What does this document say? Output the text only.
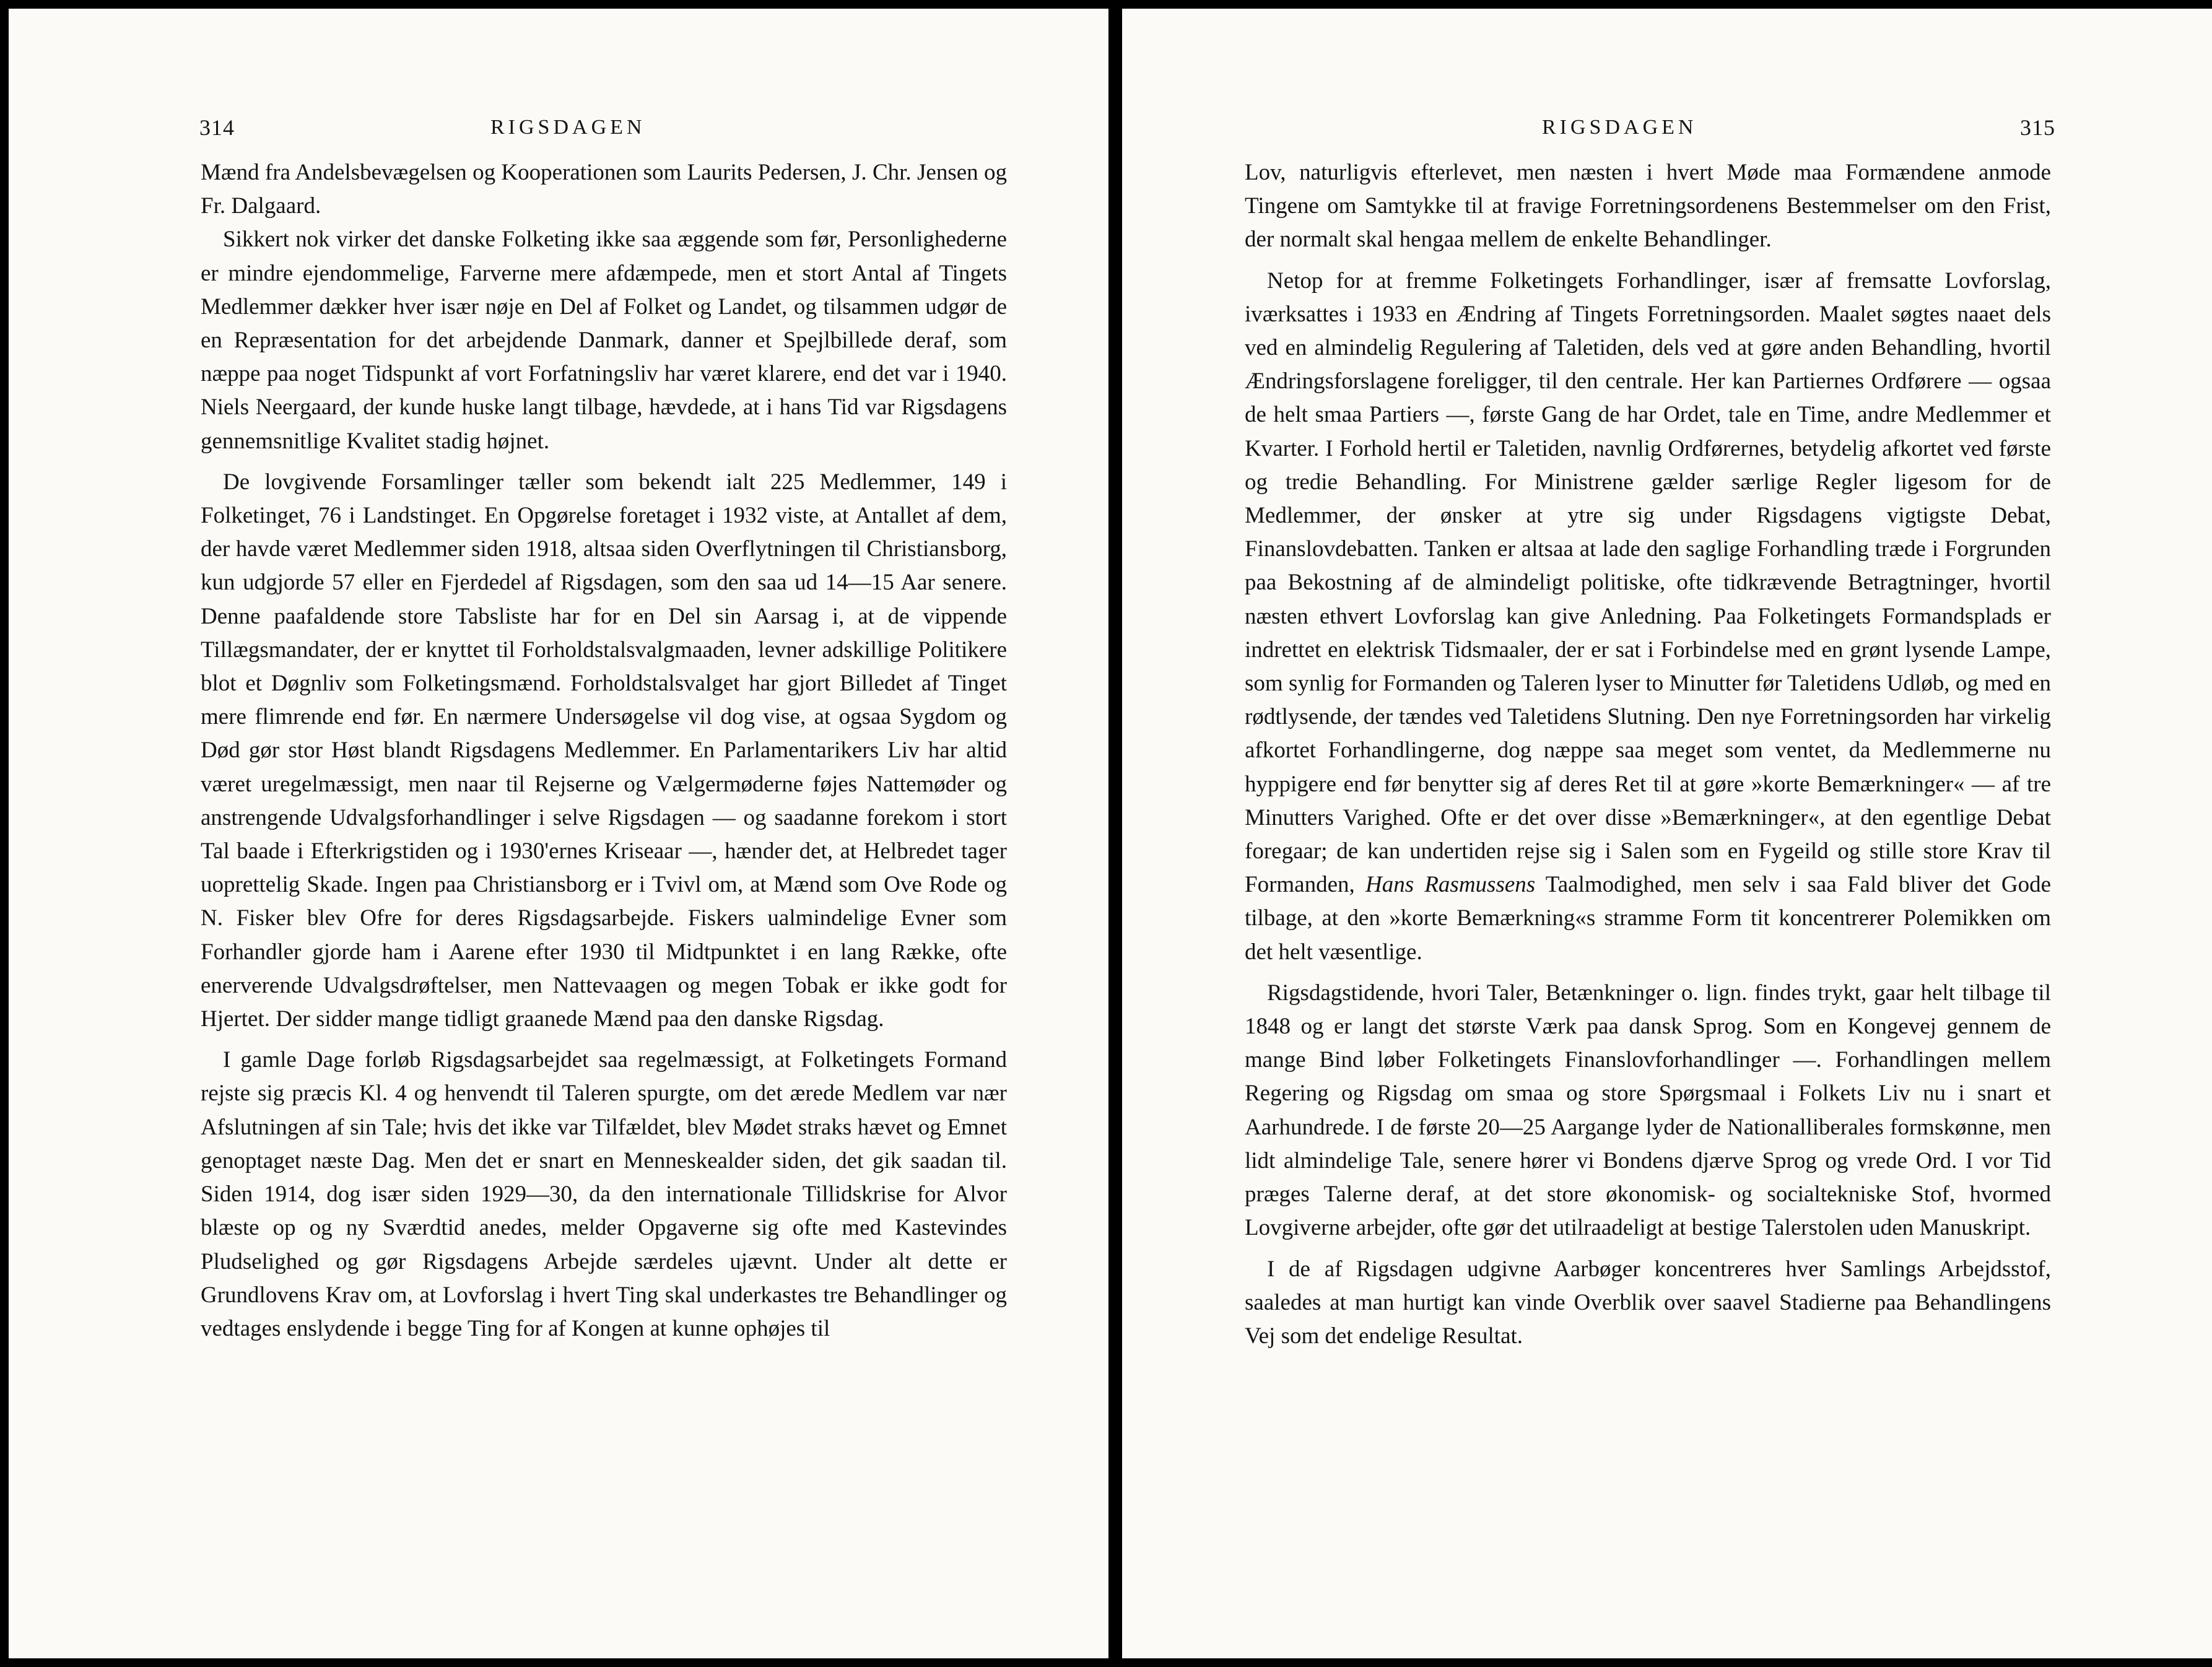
314	RIGSDAGEN

Mænd fra Andelsbevægelsen og Kooperationen som Laurits Pedersen, J. Chr. Jensen og Fr. Dalgaard.

Sikkert nok virker det danske Folketing ikke saa æggende som før, Personlighederne er mindre ejendommelige, Farverne mere afdæmpede, men et stort Antal af Tingets Medlemmer dækker hver især nøje en Del af Folket og Landet, og tilsammen udgør de en Repræsentation for det arbejdende Danmark, danner et Spejlbillede deraf, som næppe paa noget Tidspunkt af vort Forfatningsliv har været klarere, end det var i 1940. Niels Neergaard, der kunde huske langt tilbage, hævdede, at i hans Tid var Rigsdagens gennemsnitlige Kvalitet stadig højnet.

De lovgivende Forsamlinger tæller som bekendt ialt 225 Medlemmer, 149 i Folketinget, 76 i Landstinget. En Opgørelse foretaget i 1932 viste, at Antallet af dem, der havde været Medlemmer siden 1918, altsaa siden Overflytningen til Christiansborg, kun udgjorde 57 eller en Fjerdedel af Rigsdagen, som den saa ud 14—15 Aar senere. Denne paafaldende store Tabsliste har for en Del sin Aarsag i, at de vippende Tillægsmandater, der er knyttet til Forholdstalsvalgmaaden, levner adskillige Politikere blot et Døgnliv som Folketingsmænd. Forholdstalsvalget har gjort Billedet af Tinget mere flimrende end før. En nærmere Undersøgelse vil dog vise, at ogsaa Sygdom og Død gør stor Høst blandt Rigsdagens Medlemmer. En Parlamentarikers Liv har altid været uregelmæssigt, men naar til Rejserne og Vælgermøderne føjes Nattemøder og anstrengende Udvalgsforhandlinger i selve Rigsdagen — og saadanne forekom i stort Tal baade i Efterkrigstiden og i 1930'ernes Kriseaar —, hænder det, at Helbredet tager uoprettelig Skade. Ingen paa Christiansborg er i Tvivl om, at Mænd som Ove Rode og N. Fisker blev Ofre for deres Rigsdagsarbejde. Fiskers ualmindelige Evner som Forhandler gjorde ham i Aarene efter 1930 til Midtpunktet i en lang Række, ofte enerverende Udvalgsdrøftelser, men Nattevaagen og megen Tobak er ikke godt for Hjertet. Der sidder mange tidligt graanede Mænd paa den danske Rigsdag.

I gamle Dage forløb Rigsdagsarbejdet saa regelmæssigt, at Folketingets Formand rejste sig præcis Kl. 4 og henvendt til Taleren spurgte, om det ærede Medlem var nær Afslutningen af sin Tale; hvis det ikke var Tilfældet, blev Mødet straks hævet og Emnet genoptaget næste Dag. Men det er snart en Menneskealder siden, det gik saadan til. Siden 1914, dog især siden 1929—30, da den internationale Tillidskrise for Alvor blæste op og ny Sværdtid anedes, melder Opgaverne sig ofte med Kastevindes Pludselighed og gør Rigsdagens Arbejde særdeles ujævnt. Under alt dette er Grundlovens Krav om, at Lovforslag i hvert Ting skal underkastes tre Behandlinger og vedtages enslydende i begge Ting for af Kongen at kunne ophøjes til

RIGSDAGEN	315

Lov, naturligvis efterlevet, men næsten i hvert Møde maa Formændene anmode Tingene om Samtykke til at fravige Forretningsordenens Bestemmelser om den Frist, der normalt skal hengaa mellem de enkelte Behandlinger.

Netop for at fremme Folketingets Forhandlinger, især af fremsatte Lovforslag, iværksattes i 1933 en Ændring af Tingets Forretningsorden. Maalet søgtes naaet dels ved en almindelig Regulering af Taletiden, dels ved at gøre anden Behandling, hvortil Ændringsforslagene foreligger, til den centrale. Her kan Partiernes Ordførere — ogsaa de helt smaa Partiers —, første Gang de har Ordet, tale en Time, andre Medlemmer et Kvarter. I Forhold hertil er Taletiden, navnlig Ordførernes, betydelig afkortet ved første og tredie Behandling. For Ministrene gælder særlige Regler ligesom for de Medlemmer, der ønsker at ytre sig under Rigsdagens vigtigste Debat, Finanslovdebatten. Tanken er altsaa at lade den saglige Forhandling træde i Forgrunden paa Bekostning af de almindeligt politiske, ofte tidkrævende Betragtninger, hvortil næsten ethvert Lovforslag kan give Anledning. Paa Folketingets Formandsplads er indrettet en elektrisk Tidsmaaler, der er sat i Forbindelse med en grønt lysende Lampe, som synlig for Formanden og Taleren lyser to Minutter før Taletidens Udløb, og med en rødtlysende, der tændes ved Taletidens Slutning. Den nye Forretningsorden har virkelig afkortet Forhandlingerne, dog næppe saa meget som ventet, da Medlemmerne nu hyppigere end før benytter sig af deres Ret til at gøre »korte Bemærkninger« — af tre Minutters Varighed. Ofte er det over disse »Bemærkninger«, at den egentlige Debat foregaar; de kan undertiden rejse sig i Salen som en Fygeild og stille store Krav til Formanden, Hans Rasmussens Taalmodighed, men selv i saa Fald bliver det Gode tilbage, at den »korte Bemærkning«s stramme Form tit koncentrerer Polemikken om det helt væsentlige.

Rigsdagstidende, hvori Taler, Betænkninger o. lign. findes trykt, gaar helt tilbage til 1848 og er langt det største Værk paa dansk Sprog. Som en Kongevej gennem de mange Bind løber Folketingets Finanslovforhandlinger —. Forhandlingen mellem Regering og Rigsdag om smaa og store Spørgsmaal i Folkets Liv nu i snart et Aarhundrede. I de første 20—25 Aargange lyder de Nationalliberales formskønne, men lidt almindelige Tale, senere hører vi Bondens djærve Sprog og vrede Ord. I vor Tid præges Talerne deraf, at det store økonomisk- og socialtekniske Stof, hvormed Lovgiverne arbejder, ofte gør det utilraadeligt at bestige Talerstolen uden Manuskript.

I de af Rigsdagen udgivne Aarbøger koncentreres hver Samlings Arbejdsstof, saaledes at man hurtigt kan vinde Overblik over saavel Stadierne paa Behandlingens Vej som det endelige Resultat.
